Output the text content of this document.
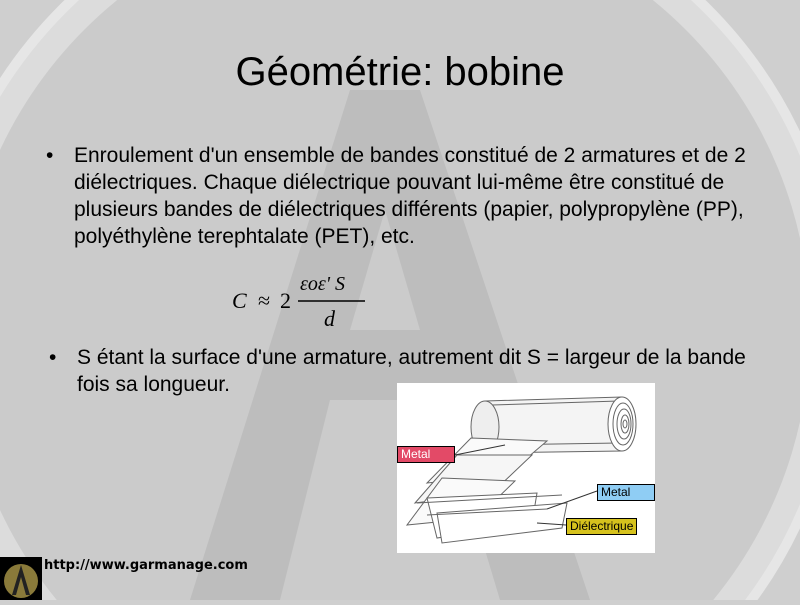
Géométrie: bobine
• Enroulement d'un ensemble de bandes constitué de 2 armatures et de 2 diélectriques. Chaque diélectrique pouvant lui-même être constitué de plusieurs bandes de diélectriques différents (papier, polypropylène (PP), polyéthylène terephtalate (PET), etc.
C ≈ 2
εoε' S
d
• S étant la surface d'une armature, autrement dit S = largeur de la bande fois sa longueur.
Metal
Metal
Diélectrique
http://www.garmanage.com
